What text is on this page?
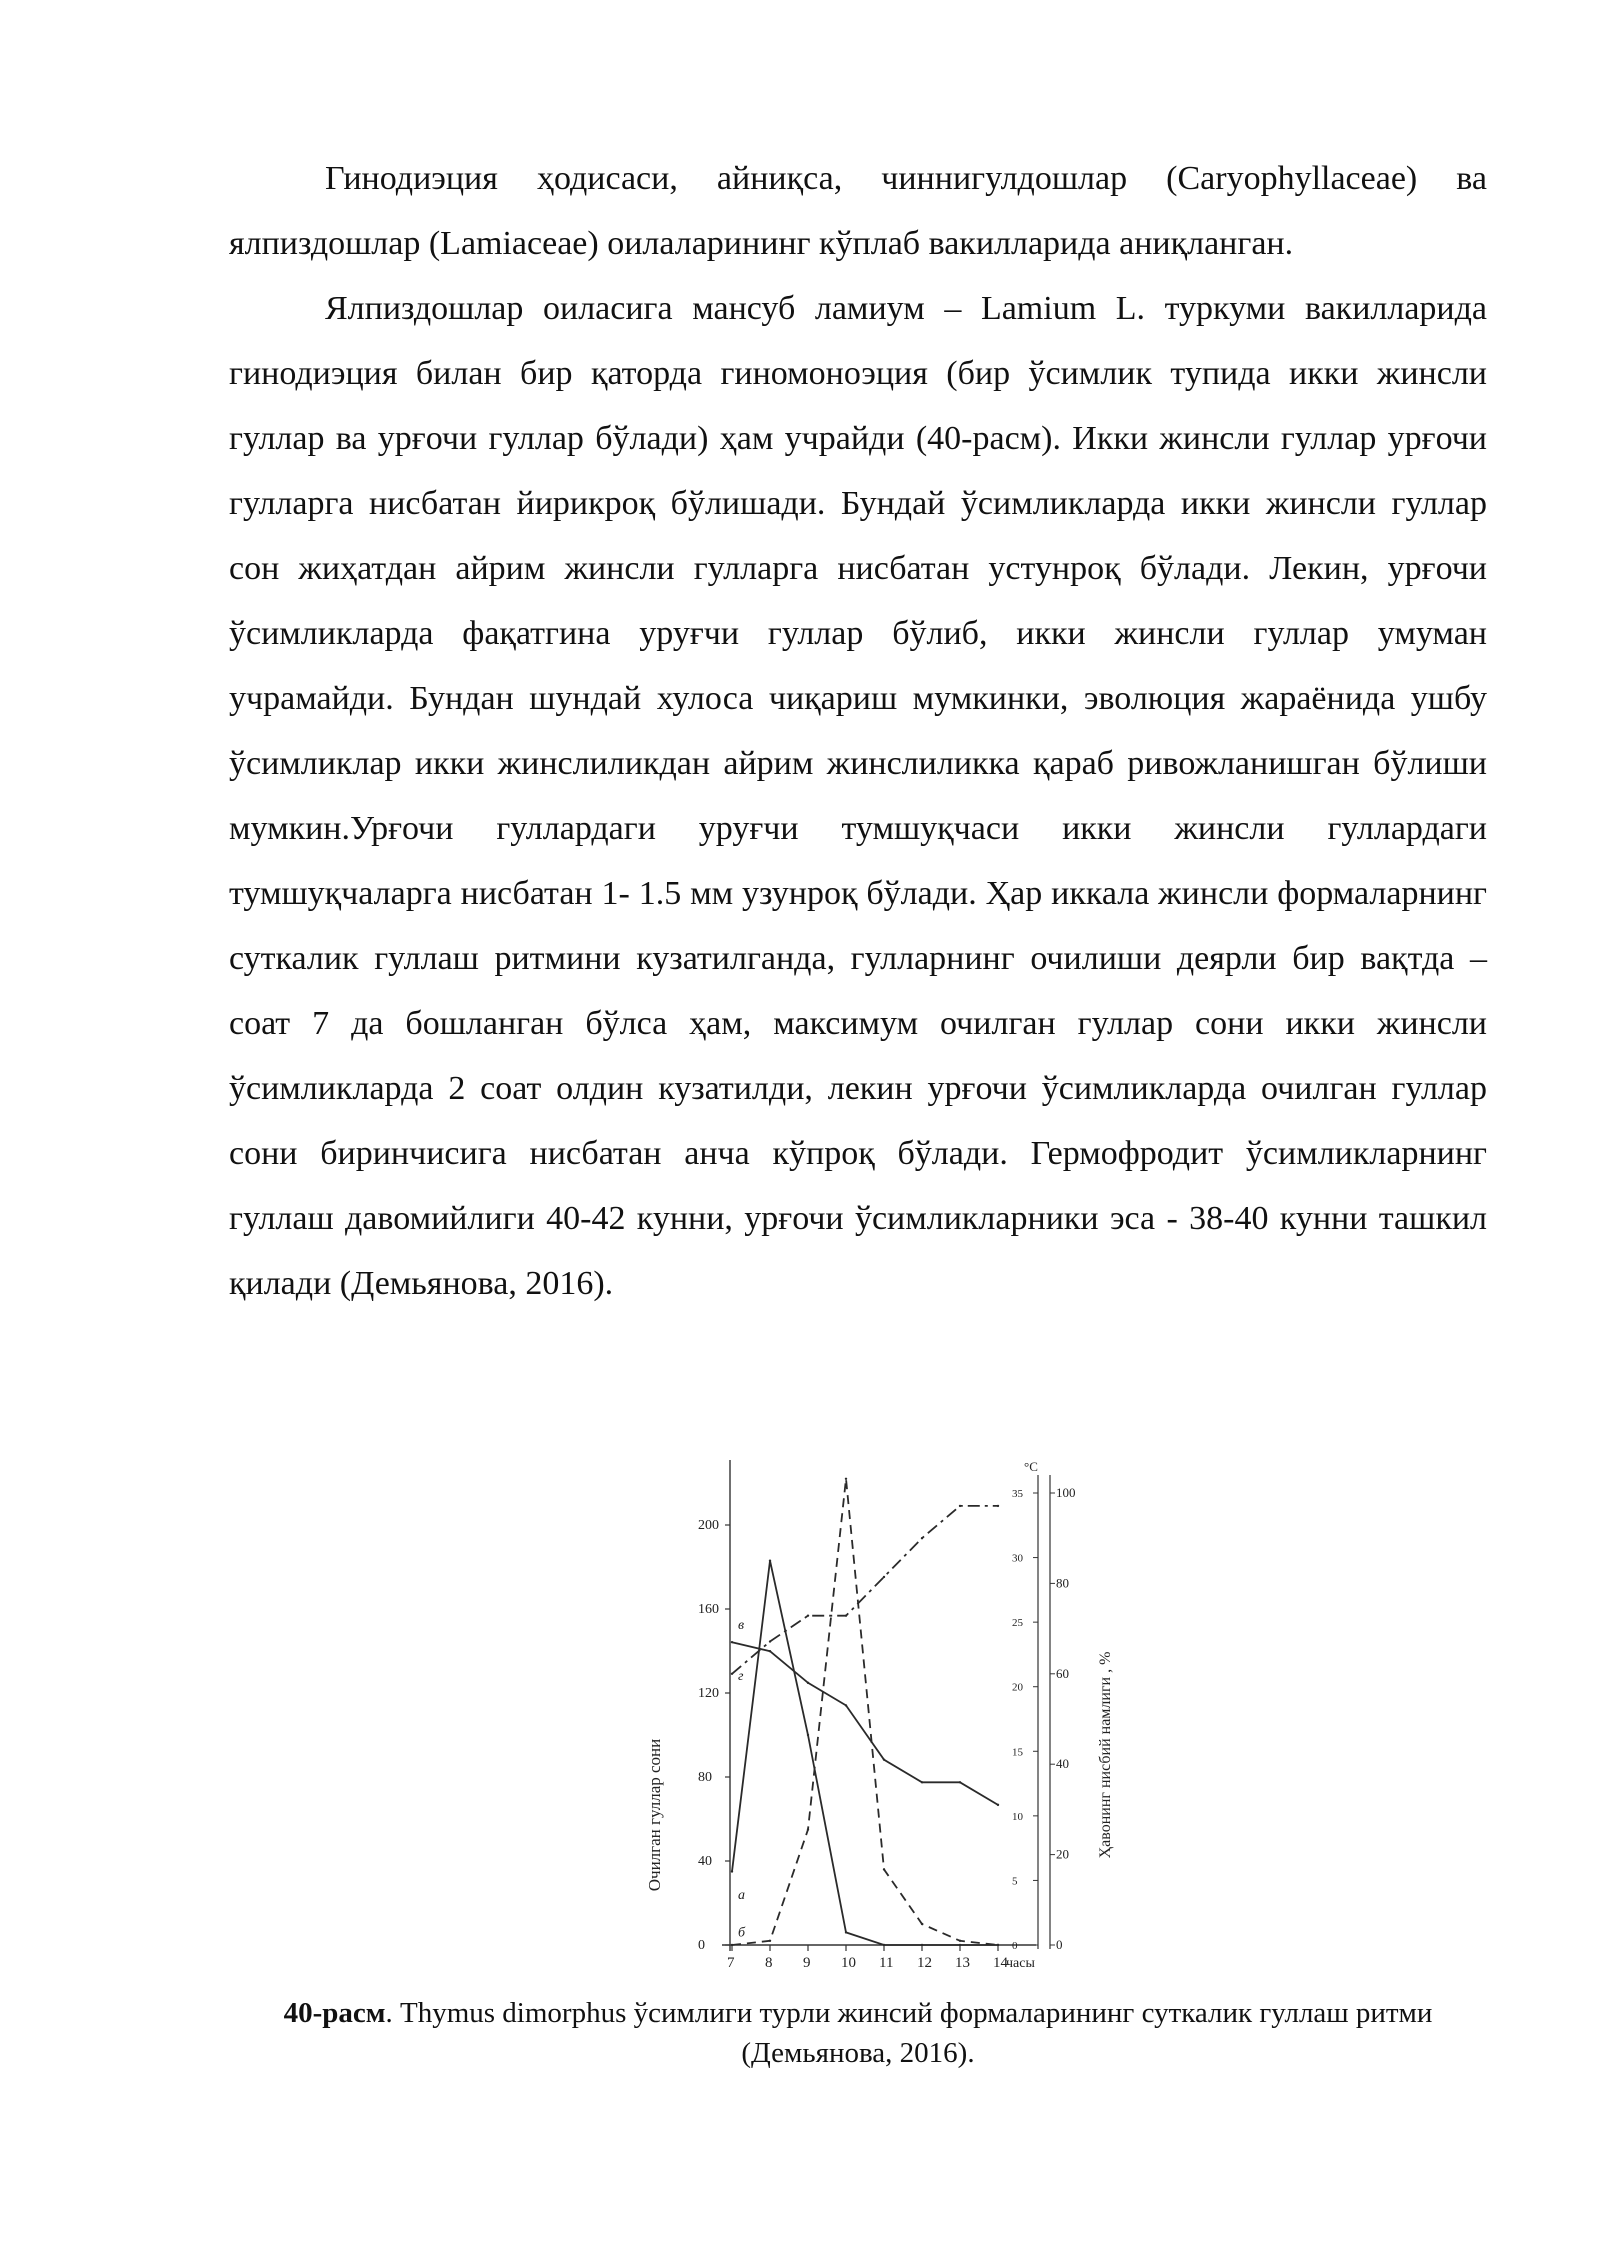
Гинодиэция ҳодисаси, айниқса, чиннигулдошлар (Caryophyllaceae) ва ялпиздошлар (Lamiaceae) оилаларининг кўплаб вакилларида аниқланган.

Ялпиздошлар оиласига мансуб ламиум – Lamium L. туркуми вакилларида гинодиэция билан бир қаторда гиномоноэция (бир ўсимлик тупида икки жинсли гуллар ва урғочи гуллар бўлади) ҳам учрайди (40-расм). Икки жинсли гуллар урғочи гулларга нисбатан йирикроқ бўлишади. Бундай ўсимликларда икки жинсли гуллар сон жиҳатдан айрим жинсли гулларга нисбатан устунроқ бўлади. Лекин, урғочи ўсимликларда фақатгина уруғчи гуллар бўлиб, икки жинсли гуллар умуман учрамайди. Бундан шундай хулоса чиқариш мумкинки, эволюция жараёнида ушбу ўсимликлар икки жинслиликдан айрим жинслиликка қараб ривожланишган бўлиши мумкин.Урғочи гуллардаги уруғчи тумшуқчаси икки жинсли гуллардаги тумшуқчаларга нисбатан 1- 1.5 мм узунроқ бўлади. Ҳар иккала жинсли формаларнинг суткалик гуллаш ритмини кузатилганда, гулларнинг очилиши деярли бир вақтда – соат 7 да бошланган бўлса ҳам, максимум очилган гуллар сони икки жинсли ўсимликларда 2 соат олдин кузатилди, лекин урғочи ўсимликларда очилган гуллар сони биринчисига нисбатан анча кўпроқ бўлади. Гермофродит ўсимликларнинг гуллаш давомийлиги 40-42 кунни, урғочи ўсимликларники эса - 38-40 кунни ташкил қилади (Демьянова, 2016).

0
40
80
120
160
200
7 8 9 10 11 12 13 14
часы
0
5
10
15
20
25
30
35
°C
0
20
40
60
80
100
Очилган гуллар сони	Ҳавонинг нисбий намлиги , %
а
б
в
г
40-расм. Thymus dimorphus ўсимлиги турли жинсий формаларининг суткалик гуллаш ритми (Демьянова, 2016).
